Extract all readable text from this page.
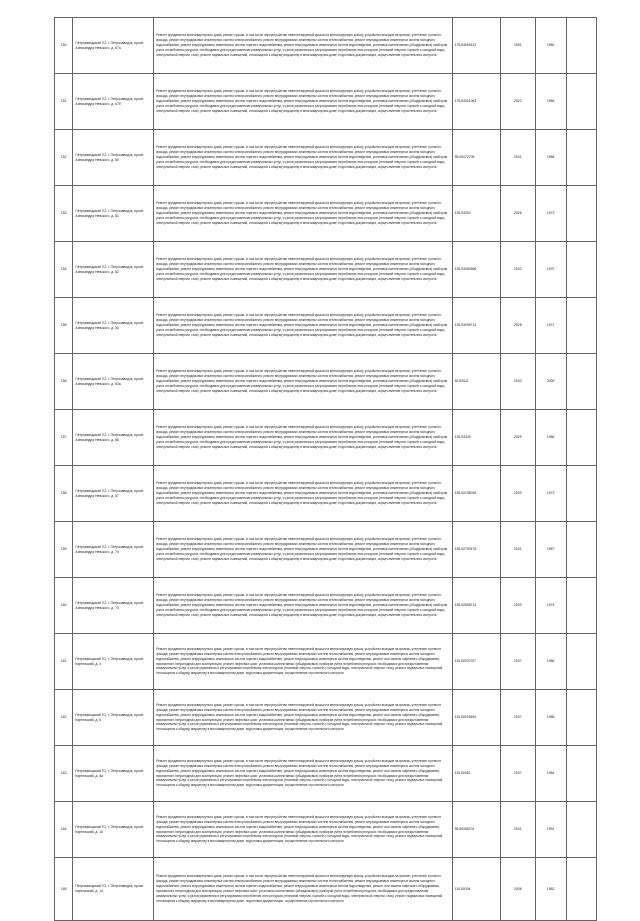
150	Петрозаводский ГО, г. Петрозаводск, просп. Александра Невского, д. 67а	Ремонт фундамента многоквартирного дома, ремонт крыши, в том числе переустройство невентилируемой крыши на вентилируемую крышу, устройство выходов на кровлю, утепление и ремонт фасада, ремонт внутридомовых инженерных систем электроснабжения, ремонт внутридомовых инженерных систем теплоснабжения, ремонт внутридомовых инженерных систем холодного водоснабжения, ремонт внутридомовых инженерных систем горячего водоснабжения, ремонт внутридомовых инженерных систем водоотведения, установка коллективных (общедомовых) приборов учета потребления ресурсов, необходимых для предоставления коммунальных услуг, и узлов управления и регулирования потребления этих ресурсов (тепловой энергии, горячей и холодной воды, электрической энергии, газа), ремонт подвальных помещений, относящихся к общему имуществу в многоквартирном доме, подготовка документации, осуществление строительного контроля	175,84699113	2051	1960	
151	Петрозаводский ГО, г. Петрозаводск, просп. Александра Невского, д. 67б	Ремонт фундамента многоквартирного дома, ремонт крыши, в том числе переустройство невентилируемой крыши на вентилируемую крышу, устройство выходов на кровлю, утепление и ремонт фасада, ремонт внутридомовых инженерных систем электроснабжения, ремонт внутридомовых инженерных систем теплоснабжения, ремонт внутридомовых инженерных систем холодного водоснабжения, ремонт внутридомовых инженерных систем горячего водоснабжения, ремонт внутридомовых инженерных систем водоотведения, установка коллективных (общедомовых) приборов учета потребления ресурсов, необходимых для предоставления коммунальных услуг, и узлов управления и регулирования потребления этих ресурсов (тепловой энергии, горячей и холодной воды, электрической энергии, газа), ремонт подвальных помещений, относящихся к общему имуществу в многоквартирном доме, подготовка документации, осуществление строительного контроля	175,84001063	2022	1966	
152	Петрозаводский ГО, г. Петрозаводск, просп. Александра Невского, д. 80	Ремонт фундамента многоквартирного дома, ремонт крыши, в том числе переустройство невентилируемой крыши на вентилируемую крышу, устройство выходов на кровлю, утепление и ремонт фасада, ремонт внутридомовых инженерных систем электроснабжения, ремонт внутридомовых инженерных систем теплоснабжения, ремонт внутридомовых инженерных систем холодного водоснабжения, ремонт внутридомовых инженерных систем горячего водоснабжения, ремонт внутридомовых инженерных систем водоотведения, установка коллективных (общедомовых) приборов учета потребления ресурсов, необходимых для предоставления коммунальных услуг, и узлов управления и регулирования потребления этих ресурсов (тепловой энергии, горячей и холодной воды, электрической энергии, газа), ремонт подвальных помещений, относящихся к общему имуществу в многоквартирном доме, подготовка документации, осуществление строительного контроля	95,00072705	2041	1968	
153	Петрозаводский ГО, г. Петрозаводск, просп. Александра Невского, д. 81	Ремонт фундамента многоквартирного дома, ремонт крыши, в том числе переустройство невентилируемой крыши на вентилируемую крышу, устройство выходов на кровлю, утепление и ремонт фасада, ремонт внутридомовых инженерных систем электроснабжения, ремонт внутридомовых инженерных систем теплоснабжения, ремонт внутридомовых инженерных систем холодного водоснабжения, ремонт внутридомовых инженерных систем горячего водоснабжения, ремонт внутридомовых инженерных систем водоотведения, установка коллективных (общедомовых) приборов учета потребления ресурсов, необходимых для предоставления коммунальных услуг, и узлов управления и регулирования потребления этих ресурсов (тепловой энергии, горячей и холодной воды, электрической энергии, газа), ремонт подвальных помещений, относящихся к общему имуществу в многоквартирном доме, подготовка документации, осуществление строительного контроля	135,53304	2026	1973	
154	Петрозаводский ГО, г. Петрозаводск, просп. Александра Невского, д. 82	Ремонт фундамента многоквартирного дома, ремонт крыши, в том числе переустройство невентилируемой крыши на вентилируемую крышу, устройство выходов на кровлю, утепление и ремонт фасада, ремонт внутридомовых инженерных систем электроснабжения, ремонт внутридомовых инженерных систем теплоснабжения, ремонт внутридомовых инженерных систем холодного водоснабжения, ремонт внутридомовых инженерных систем горячего водоснабжения, ремонт внутридомовых инженерных систем водоотведения, установка коллективных (общедомовых) приборов учета потребления ресурсов, необходимых для предоставления коммунальных услуг, и узлов управления и регулирования потребления этих ресурсов (тепловой энергии, горячей и холодной воды, электрической энергии, газа), ремонт подвальных помещений, относящихся к общему имуществу в многоквартирном доме, подготовка документации, осуществление строительного контроля	135,53080566	2032	1970	
155	Петрозаводский ГО, г. Петрозаводск, просп. Александра Невского, д. 83	Ремонт фундамента многоквартирного дома, ремонт крыши, в том числе переустройство невентилируемой крыши на вентилируемую крышу, устройство выходов на кровлю, утепление и ремонт фасада, ремонт внутридомовых инженерных систем электроснабжения, ремонт внутридомовых инженерных систем теплоснабжения, ремонт внутридомовых инженерных систем холодного водоснабжения, ремонт внутридомовых инженерных систем горячего водоснабжения, ремонт внутридомовых инженерных систем водоотведения, установка коллективных (общедомовых) приборов учета потребления ресурсов, необходимых для предоставления коммунальных услуг, и узлов управления и регулирования потребления этих ресурсов (тепловой энергии, горячей и холодной воды, электрической энергии, газа), ремонт подвальных помещений, относящихся к общему имуществу в многоквартирном доме, подготовка документации, осуществление строительного контроля	135,53099714	2028	1971	
156	Петрозаводский ГО, г. Петрозаводск, просп. Александра Невского, д. 83а	Ремонт фундамента многоквартирного дома, ремонт крыши, в том числе переустройство невентилируемой крыши на вентилируемую крышу, устройство выходов на кровлю, утепление и ремонт фасада, ремонт внутридомовых инженерных систем электроснабжения, ремонт внутридомовых инженерных систем теплоснабжения, ремонт внутридомовых инженерных систем холодного водоснабжения, ремонт внутридомовых инженерных систем горячего водоснабжения, ремонт внутридомовых инженерных систем водоотведения, установка коллективных (общедомовых) приборов учета потребления ресурсов, необходимых для предоставления коммунальных услуг, и узлов управления и регулирования потребления этих ресурсов (тепловой энергии, горячей и холодной воды, электрической энергии, газа), ремонт подвальных помещений, относящихся к общему имуществу в многоквартирном доме, подготовка документации, осуществление строительного контроля	50,50011	2043	2000	
157	Петрозаводский ГО, г. Петрозаводск, просп. Александра Невского, д. 86	Ремонт фундамента многоквартирного дома, ремонт крыши, в том числе переустройство невентилируемой крыши на вентилируемую крышу, устройство выходов на кровлю, утепление и ремонт фасада, ремонт внутридомовых инженерных систем электроснабжения, ремонт внутридомовых инженерных систем теплоснабжения, ремонт внутридомовых инженерных систем холодного водоснабжения, ремонт внутридомовых инженерных систем горячего водоснабжения, ремонт внутридомовых инженерных систем водоотведения, установка коллективных (общедомовых) приборов учета потребления ресурсов, необходимых для предоставления коммунальных услуг, и узлов управления и регулирования потребления этих ресурсов (тепловой энергии, горячей и холодной воды, электрической энергии, газа), ремонт подвальных помещений, относящихся к общему имуществу в многоквартирном доме, подготовка документации, осуществление строительного контроля	135,53349	2029	1986	
158	Петрозаводский ГО, г. Петрозаводск, просп. Александра Невского, д. 87	Ремонт фундамента многоквартирного дома, ремонт крыши, в том числе переустройство невентилируемой крыши на вентилируемую крышу, устройство выходов на кровлю, утепление и ремонт фасада, ремонт внутридомовых инженерных систем электроснабжения, ремонт внутридомовых инженерных систем теплоснабжения, ремонт внутридомовых инженерных систем холодного водоснабжения, ремонт внутридомовых инженерных систем горячего водоснабжения, ремонт внутридомовых инженерных систем водоотведения, установка коллективных (общедомовых) приборов учета потребления ресурсов, необходимых для предоставления коммунальных услуг, и узлов управления и регулирования потребления этих ресурсов (тепловой энергии, горячей и холодной воды, электрической энергии, газа), ремонт подвальных помещений, относящихся к общему имуществу в многоквартирном доме, подготовка документации, осуществление строительного контроля	135,52198026	2030	1973	
159	Петрозаводский ГО, г. Петрозаводск, просп. Александра Невского, д. 70	Ремонт фундамента многоквартирного дома, ремонт крыши, в том числе переустройство невентилируемой крыши на вентилируемую крышу, устройство выходов на кровлю, утепление и ремонт фасада, ремонт внутридомовых инженерных систем электроснабжения, ремонт внутридомовых инженерных систем теплоснабжения, ремонт внутридомовых инженерных систем холодного водоснабжения, ремонт внутридомовых инженерных систем горячего водоснабжения, ремонт внутридомовых инженерных систем водоотведения, установка коллективных (общедомовых) приборов учета потребления ресурсов, необходимых для предоставления коммунальных услуг, и узлов управления и регулирования потребления этих ресурсов (тепловой энергии, горячей и холодной воды, электрической энергии, газа), ремонт подвальных помещений, относящихся к общему имуществу в многоквартирном доме, подготовка документации, осуществление строительного контроля	135,52793178	2031	1967	
160	Петрозаводский ГО, г. Петрозаводск, просп. Александра Невского, д. 73	Ремонт фундамента многоквартирного дома, ремонт крыши, в том числе переустройство невентилируемой крыши на вентилируемую крышу, устройство выходов на кровлю, утепление и ремонт фасада, ремонт внутридомовых инженерных систем электроснабжения, ремонт внутридомовых инженерных систем теплоснабжения, ремонт внутридомовых инженерных систем холодного водоснабжения, ремонт внутридомовых инженерных систем горячего водоснабжения, ремонт внутридомовых инженерных систем водоотведения, установка коллективных (общедомовых) приборов учета потребления ресурсов, необходимых для предоставления коммунальных услуг, и узлов управления и регулирования потребления этих ресурсов (тепловой энергии, горячей и холодной воды, электрической энергии, газа), ремонт подвальных помещений, относящихся к общему имуществу в многоквартирном доме, подготовка документации, осуществление строительного контроля	135,52598714	2030	1974	
161	Петрозаводский ГО, г. Петрозаводск, просп. Карельский, д. 4	Ремонт фундамента многоквартирного дома, ремонт крыши, в том числе переустройство невентилируемой крыши на вентилируемую крышу, устройство выходов на кровлю, утепление и ремонт фасада, ремонт внутридомовых инженерных систем электроснабжения, ремонт внутридомовых инженерных систем теплоснабжения, ремонт внутридомовых инженерных систем холодного водоснабжения, ремонт внутридомовых инженерных систем горячего водоснабжения, ремонт внутридомовых инженерных систем водоотведения, ремонт или замена лифтового оборудования, признанного непригодным для эксплуатации, ремонт лифтовых шахт, установка коллективных (общедомовых) приборов учета потребления ресурсов, необходимых для предоставления коммунальных услуг, и узлов управления и регулирования потребления этих ресурсов (тепловой энергии, горячей и холодной воды, электрической энергии, газа), ремонт подвальных помещений, относящихся к общему имуществу в многоквартирном доме, подготовка документации, осуществление строительного контроля	115,50070757	2037	1986	
162	Петрозаводский ГО, г. Петрозаводск, просп. Карельский, д. 6	Ремонт фундамента многоквартирного дома, ремонт крыши, в том числе переустройство невентилируемой крыши на вентилируемую крышу, устройство выходов на кровлю, утепление и ремонт фасада, ремонт внутридомовых инженерных систем электроснабжения, ремонт внутридомовых инженерных систем теплоснабжения, ремонт внутридомовых инженерных систем холодного водоснабжения, ремонт внутридомовых инженерных систем горячего водоснабжения, ремонт внутридомовых инженерных систем водоотведения, ремонт или замена лифтового оборудования, признанного непригодным для эксплуатации, ремонт лифтовых шахт, установка коллективных (общедомовых) приборов учета потребления ресурсов, необходимых для предоставления коммунальных услуг, и узлов управления и регулирования потребления этих ресурсов (тепловой энергии, горячей и холодной воды, электрической энергии, газа), ремонт подвальных помещений, относящихся к общему имуществу в многоквартирном доме, подготовка документации, осуществление строительного контроля	115,50076594	2037	1985	
163	Петрозаводский ГО, г. Петрозаводск, просп. Карельский, д. 8а	Ремонт фундамента многоквартирного дома, ремонт крыши, в том числе переустройство невентилируемой крыши на вентилируемую крышу, устройство выходов на кровлю, утепление и ремонт фасада, ремонт внутридомовых инженерных систем электроснабжения, ремонт внутридомовых инженерных систем теплоснабжения, ремонт внутридомовых инженерных систем холодного водоснабжения, ремонт внутридомовых инженерных систем горячего водоснабжения, ремонт внутридомовых инженерных систем водоотведения, ремонт или замена лифтового оборудования, признанного непригодным для эксплуатации, ремонт лифтовых шахт, установка коллективных (общедомовых) приборов учета потребления ресурсов, необходимых для предоставления коммунальных услуг, и узлов управления и регулирования потребления этих ресурсов (тепловой энергии, горячей и холодной воды, электрической энергии, газа), ремонт подвальных помещений, относящихся к общему имуществу в многоквартирном доме, подготовка документации, осуществление строительного контроля	115,50052	2037	1984	
164	Петрозаводский ГО, г. Петрозаводск, просп. Карельский, д. 10	Ремонт фундамента многоквартирного дома, ремонт крыши, в том числе переустройство невентилируемой крыши на вентилируемую крышу, устройство выходов на кровлю, утепление и ремонт фасада, ремонт внутридомовых инженерных систем электроснабжения, ремонт внутридомовых инженерных систем теплоснабжения, ремонт внутридомовых инженерных систем холодного водоснабжения, ремонт внутридомовых инженерных систем горячего водоснабжения, ремонт внутридомовых инженерных систем водоотведения, ремонт или замена лифтового оборудования, признанного непригодным для эксплуатации, ремонт лифтовых шахт, установка коллективных (общедомовых) приборов учета потребления ресурсов, необходимых для предоставления коммунальных услуг, и узлов управления и регулирования потребления этих ресурсов (тепловой энергии, горячей и холодной воды, электрической энергии, газа), ремонт подвальных помещений, относящихся к общему имуществу в многоквартирном доме, подготовка документации, осуществление строительного контроля	95,50068701	2041	1991	
165	Петрозаводский ГО, г. Петрозаводск, просп. Карельский, д. 14	Ремонт фундамента многоквартирного дома, ремонт крыши, в том числе переустройство невентилируемой крыши на вентилируемую крышу, устройство выходов на кровлю, утепление и ремонт фасада, ремонт внутридомовых инженерных систем электроснабжения, ремонт внутридомовых инженерных систем теплоснабжения, ремонт внутридомовых инженерных систем холодного водоснабжения, ремонт внутридомовых инженерных систем горячего водоснабжения, ремонт внутридомовых инженерных систем водоотведения, ремонт или замена лифтового оборудования, признанного непригодным для эксплуатации, ремонт лифтовых шахт, установка коллективных (общедомовых) приборов учета потребления ресурсов, необходимых для предоставления коммунальных услуг, и узлов управления и регулирования потребления этих ресурсов (тепловой энергии, горячей и холодной воды, электрической энергии, газа), ремонт подвальных помещений, относящихся к общему имуществу в многоквартирном доме, подготовка документации, осуществление строительного контроля	115,50034	2036	1982	
